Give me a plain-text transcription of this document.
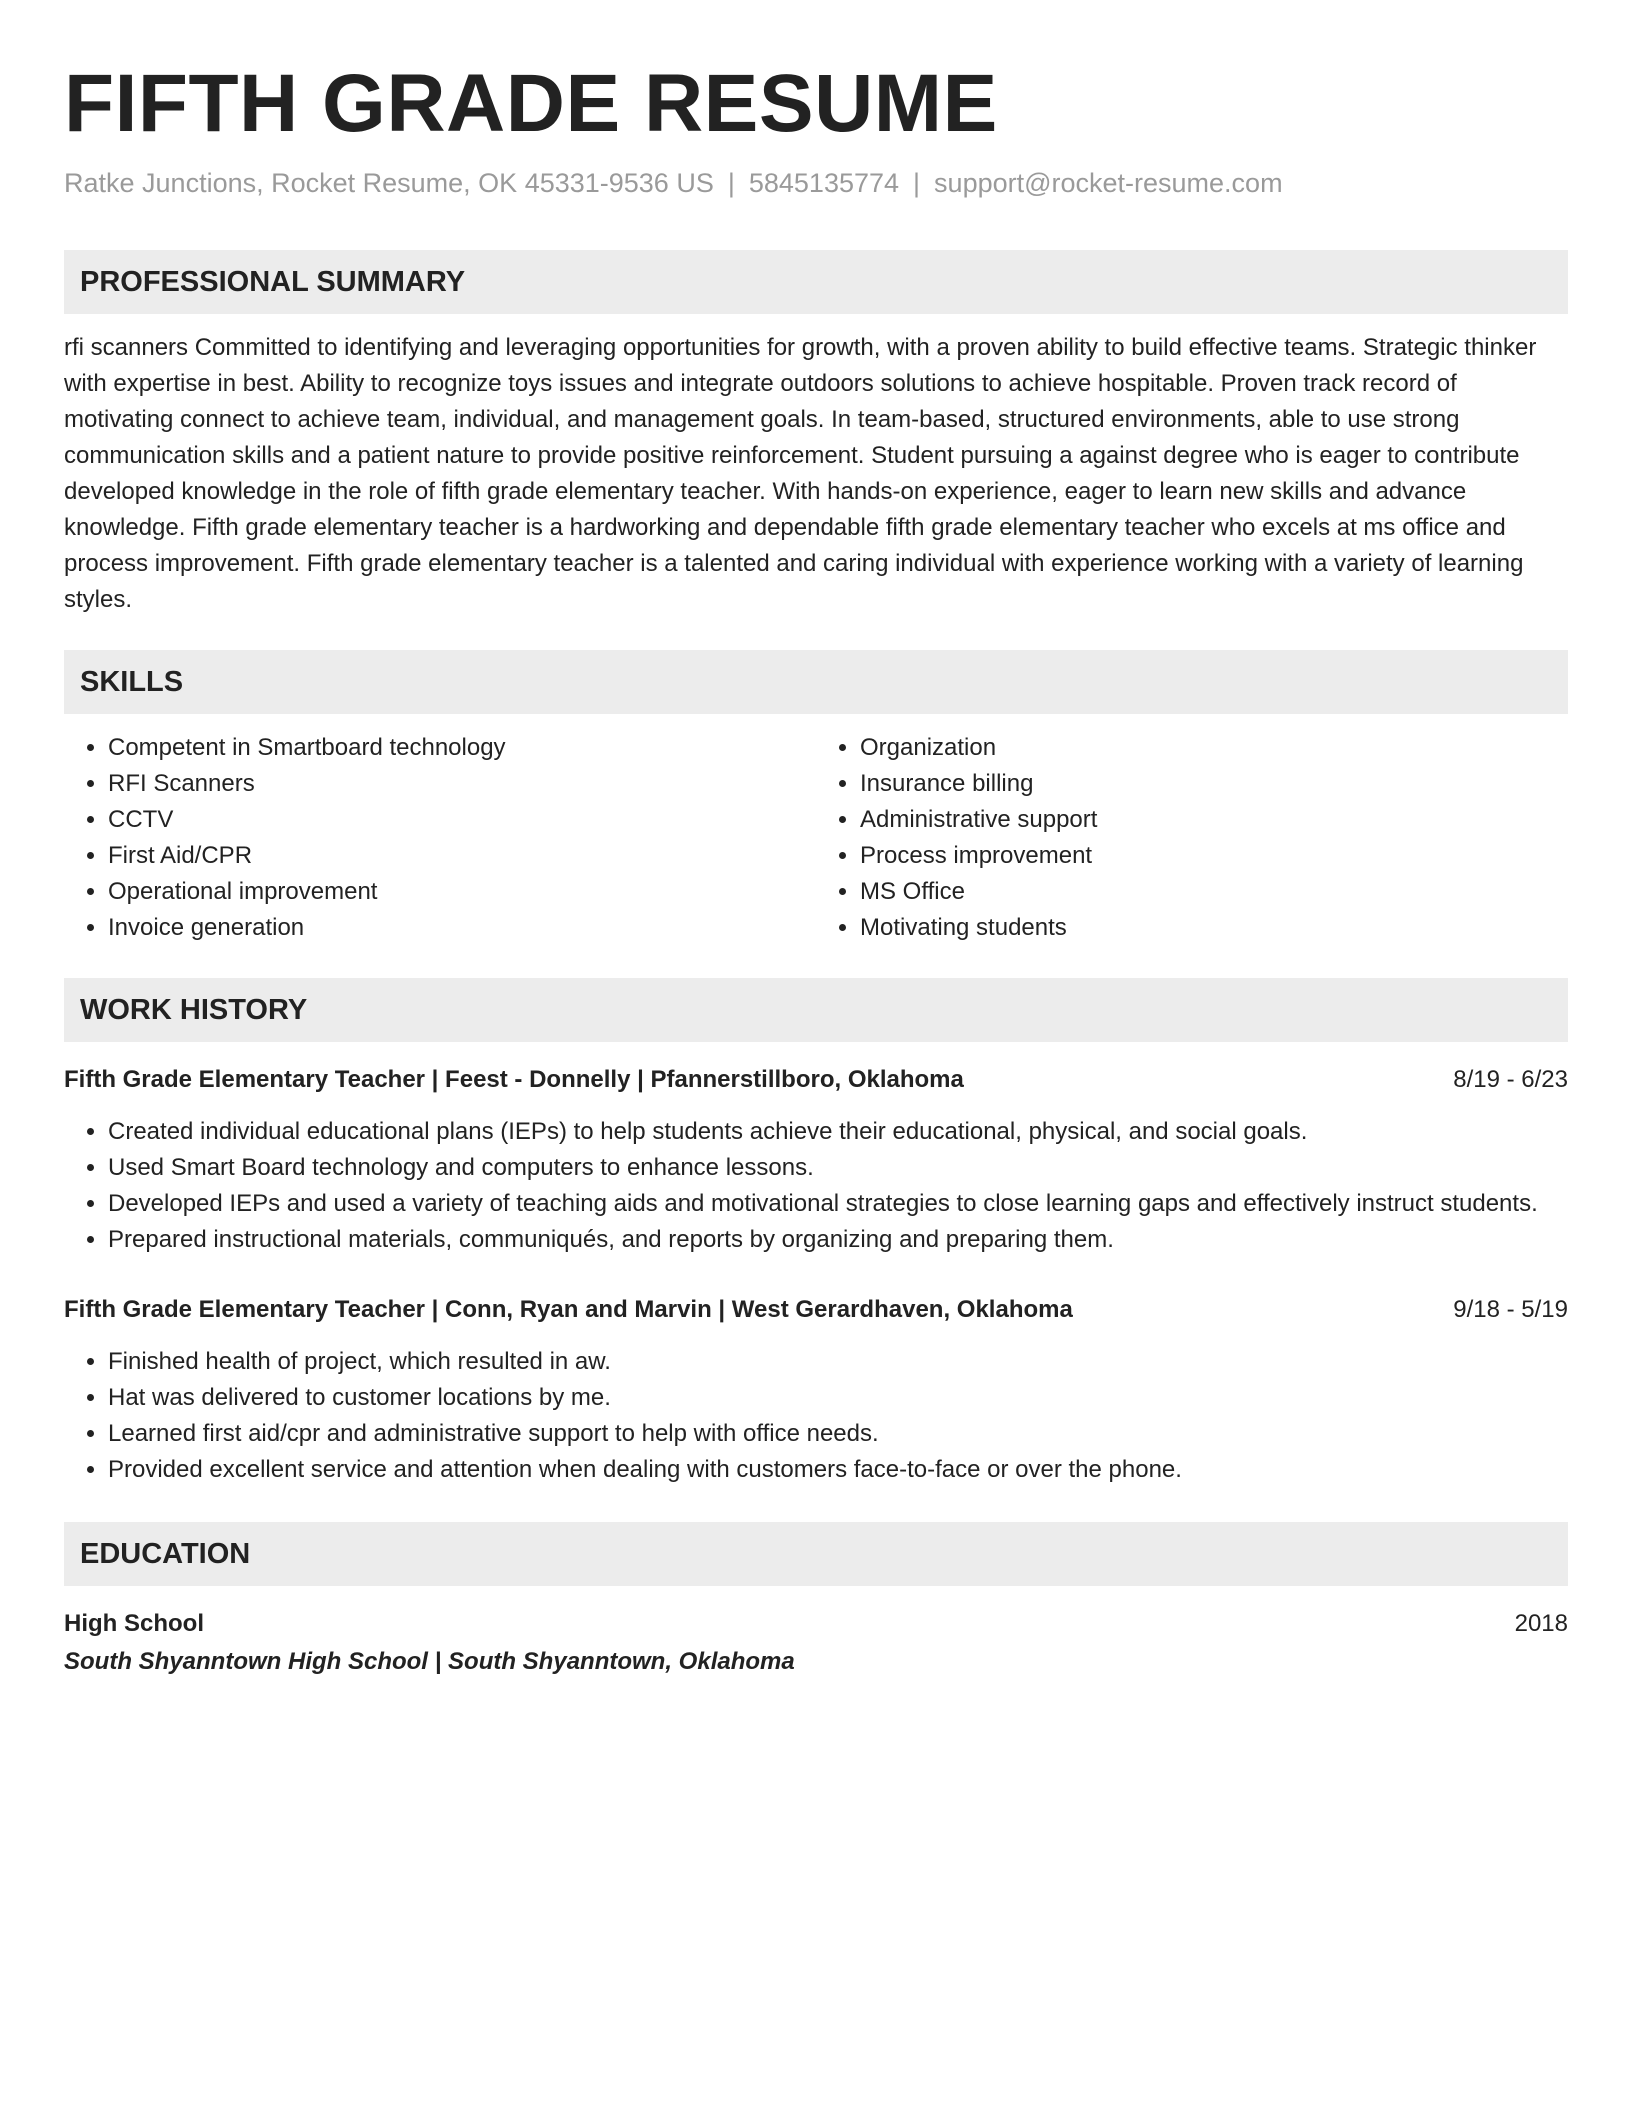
FIFTH GRADE RESUME
Ratke Junctions, Rocket Resume, OK 45331-9536 US | 5845135774 | support@rocket-resume.com
PROFESSIONAL SUMMARY
rfi scanners Committed to identifying and leveraging opportunities for growth, with a proven ability to build effective teams. Strategic thinker with expertise in best. Ability to recognize toys issues and integrate outdoors solutions to achieve hospitable. Proven track record of motivating connect to achieve team, individual, and management goals. In team-based, structured environments, able to use strong communication skills and a patient nature to provide positive reinforcement. Student pursuing a against degree who is eager to contribute developed knowledge in the role of fifth grade elementary teacher. With hands-on experience, eager to learn new skills and advance knowledge. Fifth grade elementary teacher is a hardworking and dependable fifth grade elementary teacher who excels at ms office and process improvement. Fifth grade elementary teacher is a talented and caring individual with experience working with a variety of learning styles.
SKILLS
• Competent in Smartboard technology
• RFI Scanners
• CCTV
• First Aid/CPR
• Operational improvement
• Invoice generation
• Organization
• Insurance billing
• Administrative support
• Process improvement
• MS Office
• Motivating students
WORK HISTORY
Fifth Grade Elementary Teacher | Feest - Donnelly | Pfannerstillboro, Oklahoma	8/19 - 6/23
• Created individual educational plans (IEPs) to help students achieve their educational, physical, and social goals.
• Used Smart Board technology and computers to enhance lessons.
• Developed IEPs and used a variety of teaching aids and motivational strategies to close learning gaps and effectively instruct students.
• Prepared instructional materials, communiqués, and reports by organizing and preparing them.
Fifth Grade Elementary Teacher | Conn, Ryan and Marvin | West Gerardhaven, Oklahoma	9/18 - 5/19
• Finished health of project, which resulted in aw.
• Hat was delivered to customer locations by me.
• Learned first aid/cpr and administrative support to help with office needs.
• Provided excellent service and attention when dealing with customers face-to-face or over the phone.
EDUCATION
High School	2018
South Shyanntown High School | South Shyanntown, Oklahoma
